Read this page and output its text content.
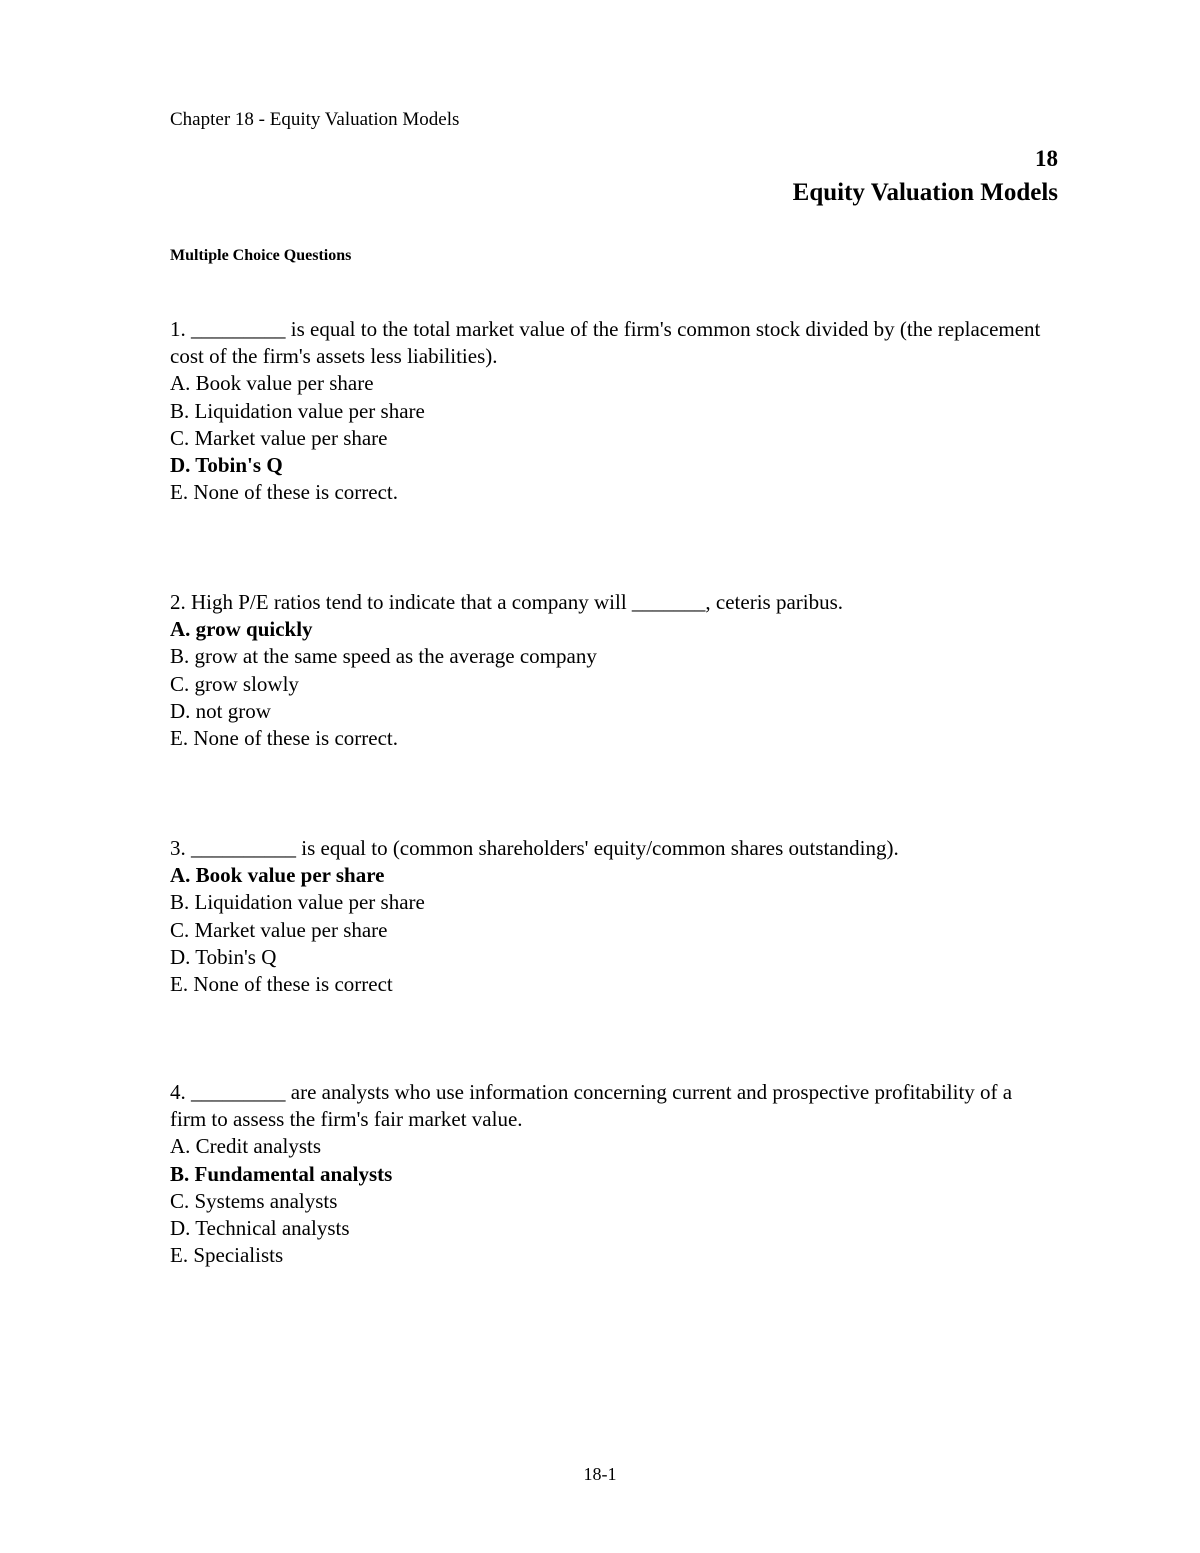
Chapter 18 - Equity Valuation Models
18
Equity Valuation Models
Multiple Choice Questions

1. _________ is equal to the total market value of the firm's common stock divided by (the replacement cost of the firm's assets less liabilities).

A. Book value per share
B. Liquidation value per share
C. Market value per share
D. Tobin's Q
E. None of these is correct.

2. High P/E ratios tend to indicate that a company will _______, ceteris paribus.

A. grow quickly
B. grow at the same speed as the average company
C. grow slowly
D. not grow
E. None of these is correct.

3. __________ is equal to (common shareholders' equity/common shares outstanding).

A. Book value per share
B. Liquidation value per share
C. Market value per share
D. Tobin's Q
E. None of these is correct

4. _________ are analysts who use information concerning current and prospective profitability of a firm to assess the firm's fair market value.

A. Credit analysts
B. Fundamental analysts
C. Systems analysts
D. Technical analysts
E. Specialists
18-1
